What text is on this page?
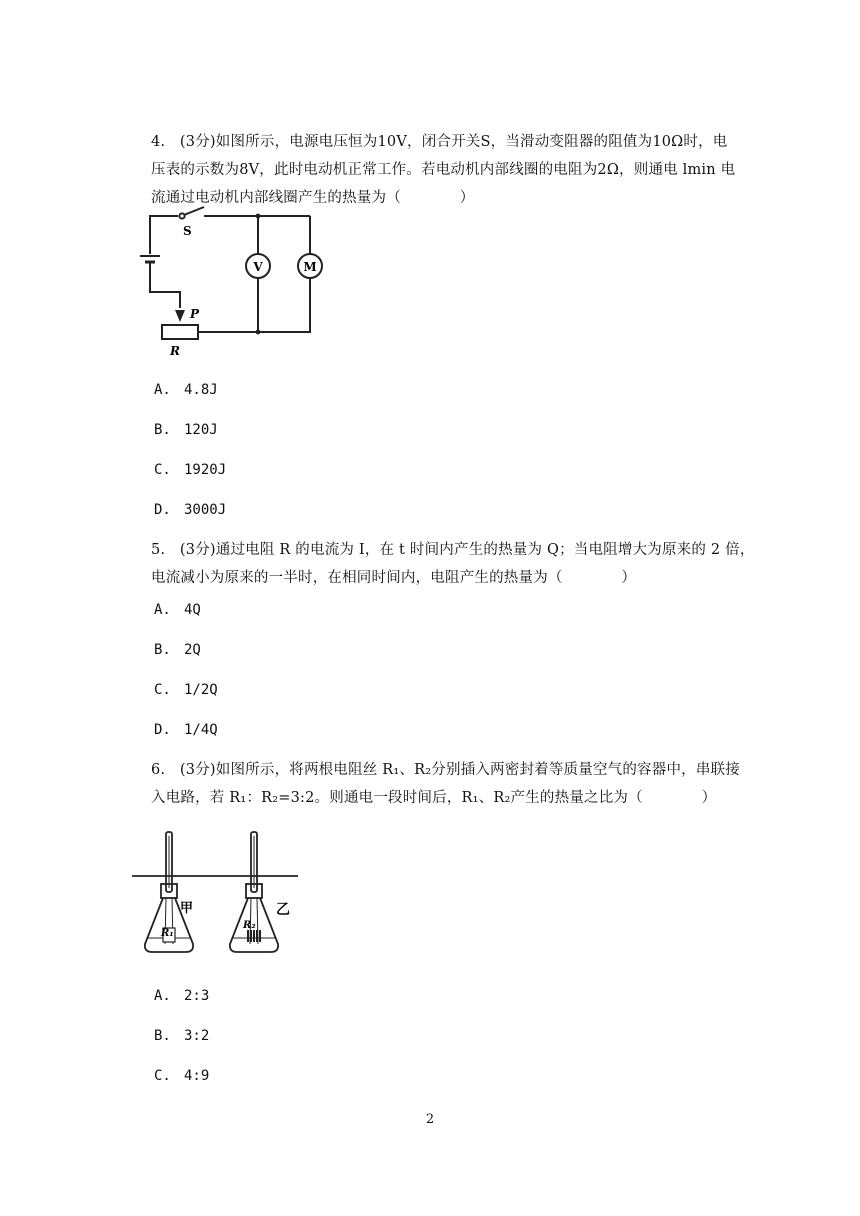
4.　(3分)如图所示，电源电压恒为10V，闭合开关S，当滑动变阻器的阻值为10Ω时，电
压表的示数为8V，此时电动机正常工作。若电动机内部线圈的电阻为2Ω，则通电 lmin 电
流通过电动机内部线圈产生的热量为（　　　　）
S
V	M
P
R
A. 4.8J
B. 120J
C. 1920J
D. 3000J
5.　(3分)通过电阻 R 的电流为 I，在 t 时间内产生的热量为 Q；当电阻增大为原来的 2 倍，
电流减小为原来的一半时，在相同时间内，电阻产生的热量为（　　　　）
A. 4Q
B. 2Q
C. 1/2Q
D. 1/4Q
6.　(3分)如图所示，将两根电阻丝 R₁、R₂分别插入两密封着等质量空气的容器中，串联接
入电路，若 R₁：R₂=3:2。则通电一段时间后，R₁、R₂产生的热量之比为（　　　　）
甲	乙
R₁
R₂
A. 2:3
B. 3:2
C. 4:9
2
